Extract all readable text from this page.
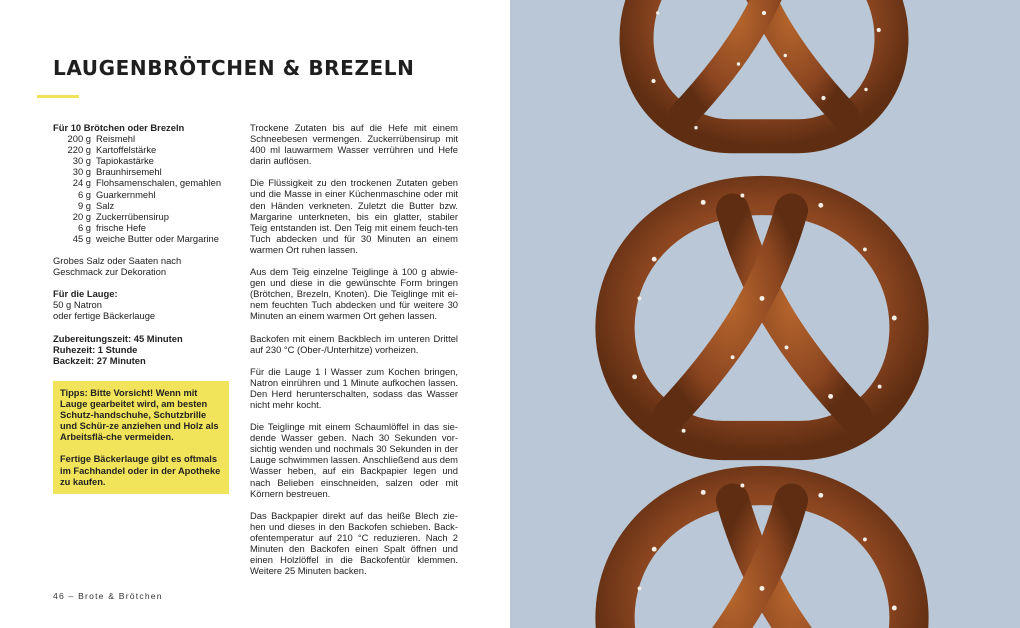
LAUGENBRÖTCHEN & BREZELN
Für 10 Brötchen oder Brezeln
200 g Reismehl
220 g Kartoffelstärke
30 g Tapiokastärke
30 g Braunhirsemehl
24 g Flohsamenschalen, gemahlen
6 g Guarkernmehl
9 g Salz
20 g Zuckerrübensirup
6 g frische Hefe
45 g weiche Butter oder Margarine
Grobes Salz oder Saaten nach
Geschmack zur Dekoration
Für die Lauge:
50 g Natron
oder fertige Bäckerlauge
Zubereitungszeit: 45 Minuten
Ruhezeit: 1 Stunde
Backzeit: 27 Minuten

Tipps: Bitte Vorsicht! Wenn mit Lauge gearbeitet wird, am besten Schutz-handschuhe, Schutzbrille und Schür-ze anziehen und Holz als Arbeitsflä-che vermeiden.

Fertige Bäckerlauge gibt es oftmals im Fachhandel oder in der Apotheke zu kaufen.

Trockene Zutaten bis auf die Hefe mit einem Schneebesen vermengen. Zuckerrübensirup mit 400 ml lauwarmem Wasser verrühren und Hefe darin auflösen.

Die Flüssigkeit zu den trockenen Zutaten geben und die Masse in einer Küchenmaschine oder mit den Händen verkneten. Zuletzt die Butter bzw. Margarine unterkneten, bis ein glatter, stabiler Teig entstanden ist. Den Teig mit einem feuch-ten Tuch abdecken und für 30 Minuten an einem warmen Ort ruhen lassen.

Aus dem Teig einzelne Teiglinge à 100 g abwie-gen und diese in die gewünschte Form bringen (Brötchen, Brezeln, Knoten). Die Teiglinge mit ei-nem feuchten Tuch abdecken und für weitere 30 Minuten an einem warmen Ort gehen lassen.

Backofen mit einem Backblech im unteren Drittel auf 230 °C (Ober-/Unterhitze) vorheizen.

Für die Lauge 1 l Wasser zum Kochen bringen, Natron einrühren und 1 Minute aufkochen lassen. Den Herd herunterschalten, sodass das Wasser nicht mehr kocht.

Die Teiglinge mit einem Schaumlöffel in das sie-dende Wasser geben. Nach 30 Sekunden vor-sichtig wenden und nochmals 30 Sekunden in der Lauge schwimmen lassen. Anschließend aus dem Wasser heben, auf ein Backpapier legen und nach Belieben einschneiden, salzen oder mit Körnern bestreuen.

Das Backpapier direkt auf das heiße Blech zie-hen und dieses in den Backofen schieben. Back-ofentemperatur auf 210 °C reduzieren. Nach 2 Minuten den Backofen einen Spalt öffnen und einen Holzlöffel in die Backofentür klemmen. Weitere 25 Minuten backen.

46 – Brote & Brötchen
